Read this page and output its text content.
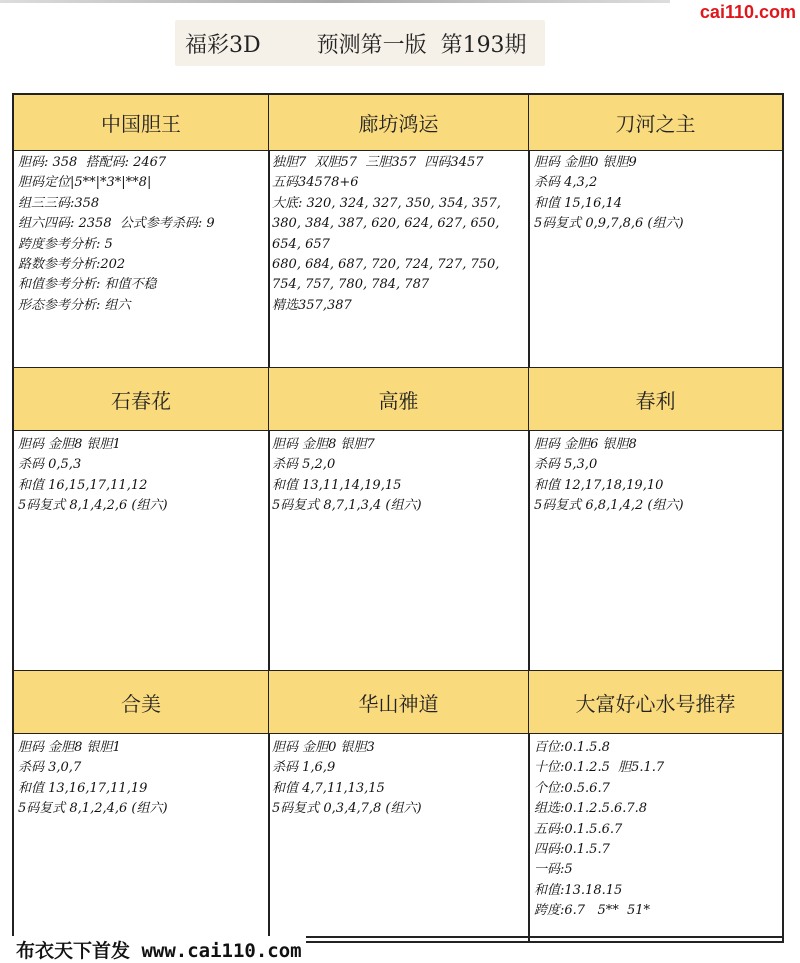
cai110.com
福彩3D        预测第一版  第193期
中国胆王
胆码: 358  搭配码: 2467
胆码定位|5**|*3*|**8|
组三三码:358
组六四码: 2358  公式参考杀码: 9
跨度参考分析: 5
路数参考分析:202
和值参考分析: 和值不稳
形态参考分析: 组六
廊坊鸿运
独胆7  双胆57  三胆357  四码3457
五码34578+6
大底: 320, 324, 327, 350, 354, 357,
380, 384, 387, 620, 624, 627, 650,
654, 657
680, 684, 687, 720, 724, 727, 750,
754, 757, 780, 784, 787
精选357,387
刀河之主
胆码 金胆0 银胆9
杀码 4,3,2
和值 15,16,14
5码复式 0,9,7,8,6 (组六)
石春花
胆码 金胆8 银胆1
杀码 0,5,3
和值 16,15,17,11,12
5码复式 8,1,4,2,6 (组六)
高雅
胆码 金胆8 银胆7
杀码 5,2,0
和值 13,11,14,19,15
5码复式 8,7,1,3,4 (组六)
春利
胆码 金胆6 银胆8
杀码 5,3,0
和值 12,17,18,19,10
5码复式 6,8,1,4,2 (组六)
合美
胆码 金胆8 银胆1
杀码 3,0,7
和值 13,16,17,11,19
5码复式 8,1,2,4,6 (组六)
华山神道
胆码 金胆0 银胆3
杀码 1,6,9
和值 4,7,11,13,15
5码复式 0,3,4,7,8 (组六)
大富好心水号推荐
百位:0.1.5.8
十位:0.1.2.5  胆5.1.7
个位:0.5.6.7
组选:0.1.2.5.6.7.8
五码:0.1.5.6.7
四码:0.1.5.7
一码:5
和值:13.18.15
跨度:6.7   5**  51*
布衣天下首发 www.cai110.com
